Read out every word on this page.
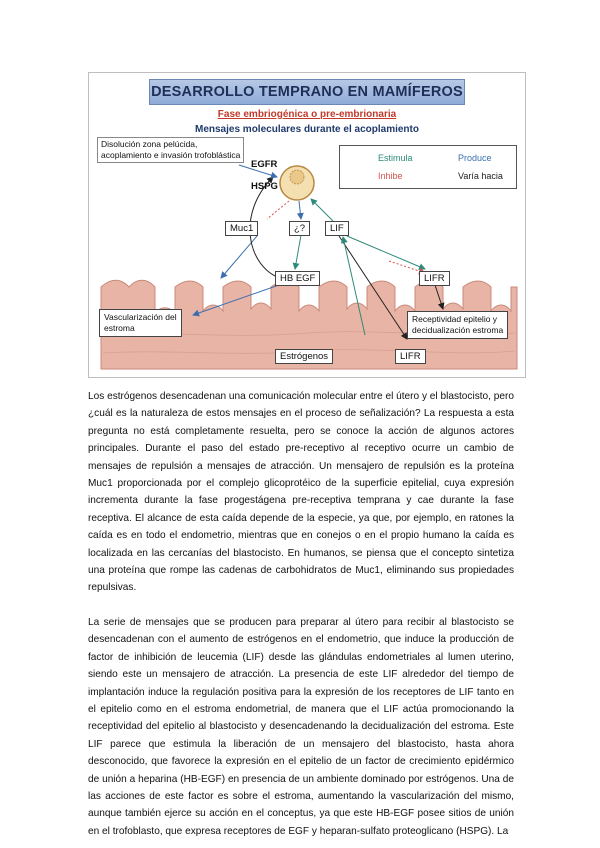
DESARROLLO TEMPRANO EN MAMÍFEROS
Fase embriogénica o pre-embrionaria
Mensajes moleculares durante el acoplamiento
Estimula	Produce
Inhibe	Varía hacia
Disolución zona pelúcida,
acoplamiento e invasión trofoblástica
EGFR
HSPG
Muc1	¿?	LIF
HB EGF	LIFR
Vascularización del
estroma
Receptividad epitelio y
decidualización estroma
Estrógenos	LIFR

Los estrógenos desencadenan una comunicación molecular entre el útero y el blastocisto, pero ¿cuál es la naturaleza de estos mensajes en el proceso de señalización? La respuesta a esta pregunta no está completamente resuelta, pero se conoce la acción de algunos actores principales. Durante el paso del estado pre-receptivo al receptivo ocurre un cambio de mensajes de repulsión a mensajes de atracción. Un mensajero de repulsión es la proteína Muc1 proporcionada por el complejo glicoprotéico de la superficie epitelial, cuya expresión incrementa durante la fase progestágena pre-receptiva temprana y cae durante la fase receptiva. El alcance de esta caída depende de la especie, ya que, por ejemplo, en ratones la caída es en todo el endometrio, mientras que en conejos o en el propio humano la caída es localizada en las cercanías del blastocisto. En humanos, se piensa que el concepto sintetiza una proteína que rompe las cadenas de carbohidratos de Muc1, eliminando sus propiedades repulsivas.

La serie de mensajes que se producen para preparar al útero para recibir al blastocisto se desencadenan con el aumento de estrógenos en el endometrio, que induce la producción de factor de inhibición de leucemia (LIF) desde las glándulas endometriales al lumen uterino, siendo este un mensajero de atracción. La presencia de este LIF alrededor del tiempo de implantación induce la regulación positiva para la expresión de los receptores de LIF tanto en el epitelio como en el estroma endometrial, de manera que el LIF actúa promocionando la receptividad del epitelio al blastocisto y desencadenando la decidualización del estroma. Este LIF parece que estimula la liberación de un mensajero del blastocisto, hasta ahora desconocido, que favorece la expresión en el epitelio de un factor de crecimiento epidérmico de unión a heparina (HB-EGF) en presencia de un ambiente dominado por estrógenos. Una de las acciones de este factor es sobre el estroma, aumentando la vascularización del mismo, aunque también ejerce su acción en el conceptus, ya que este HB-EGF posee sitios de unión en el trofoblasto, que expresa receptores de EGF y heparan-sulfato proteoglicano (HSPG). La
